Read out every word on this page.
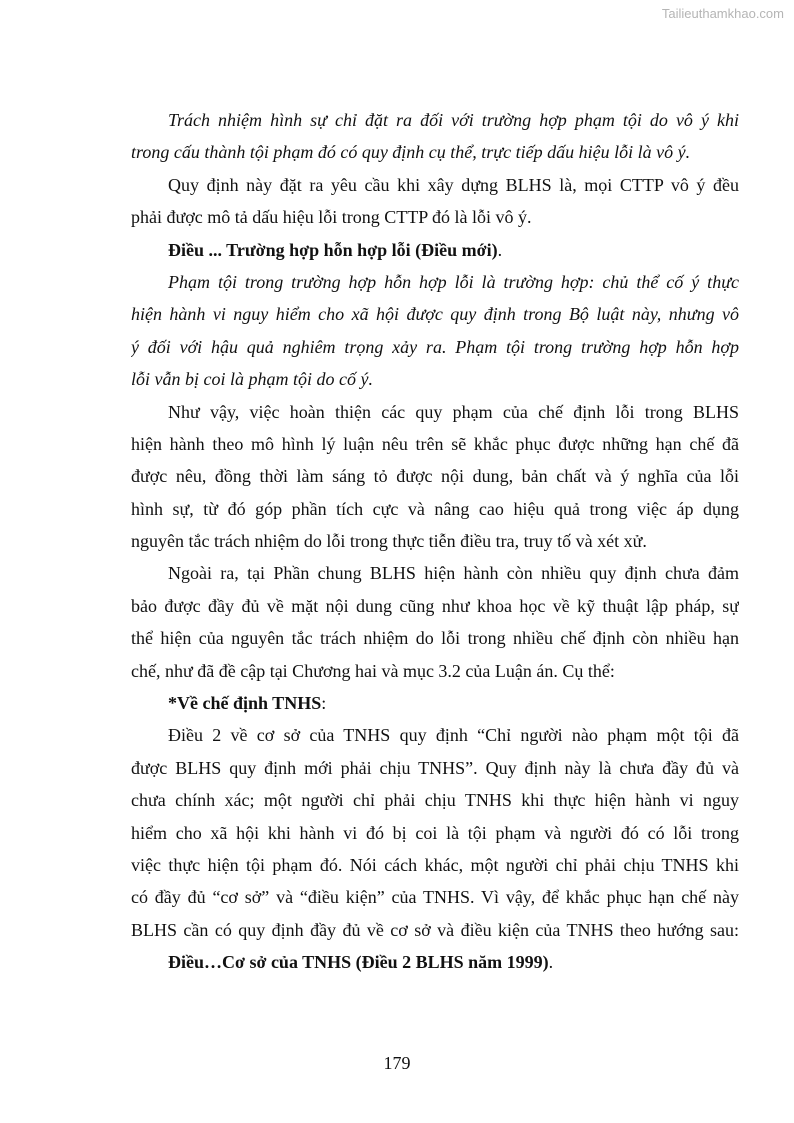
Tailieuthamkhao.com
Trách nhiệm hình sự chỉ đặt ra đối với trường hợp phạm tội do vô ý khi
trong cấu thành tội phạm đó có quy định cụ thể, trực tiếp dấu hiệu lỗi là vô ý.
Quy định này đặt ra yêu cầu khi xây dựng BLHS là, mọi CTTP vô ý đều
phải được mô tả dấu hiệu lỗi trong CTTP đó là lỗi vô ý.
Điều ... Trường hợp hỗn hợp lỗi (Điều mới).
Phạm tội trong trường hợp hỗn hợp lỗi là trường hợp: chủ thể cố ý thực
hiện hành vi nguy hiểm cho xã hội được quy định trong Bộ luật này, nhưng vô
ý đối với hậu quả nghiêm trọng xảy ra. Phạm tội trong trường hợp hỗn hợp
lỗi vẫn bị coi là phạm tội do cố ý.
Như vậy, việc hoàn thiện các quy phạm của chế định lỗi trong BLHS
hiện hành theo mô hình lý luận nêu trên sẽ khắc phục được những hạn chế đã
được nêu, đồng thời làm sáng tỏ được nội dung, bản chất và ý nghĩa của lỗi
hình sự, từ đó góp phần tích cực và nâng cao hiệu quả trong việc áp dụng
nguyên tắc trách nhiệm do lỗi trong thực tiễn điều tra, truy tố và xét xử.
Ngoài ra, tại Phần chung BLHS hiện hành còn nhiều quy định chưa đảm
bảo được đầy đủ về mặt nội dung cũng như khoa học về kỹ thuật lập pháp, sự
thể hiện của nguyên tắc trách nhiệm do lỗi trong nhiều chế định còn nhiều hạn
chế, như đã đề cập tại Chương hai và mục 3.2 của Luận án. Cụ thể:
*Về chế định TNHS:
Điều 2 về cơ sở của TNHS quy định “Chỉ người nào phạm một tội đã
được BLHS quy định mới phải chịu TNHS”. Quy định này là chưa đầy đủ và
chưa chính xác; một người chỉ phải chịu TNHS khi thực hiện hành vi nguy
hiểm cho xã hội khi hành vi đó bị coi là tội phạm và người đó có lỗi trong
việc thực hiện tội phạm đó. Nói cách khác, một người chỉ phải chịu TNHS khi
có đầy đủ “cơ sở” và “điều kiện” của TNHS. Vì vậy, để khắc phục hạn chế này
BLHS cần có quy định đầy đủ về cơ sở và điều kiện của TNHS theo hướng sau:
Điều…Cơ sở của TNHS (Điều 2 BLHS năm 1999).
179
